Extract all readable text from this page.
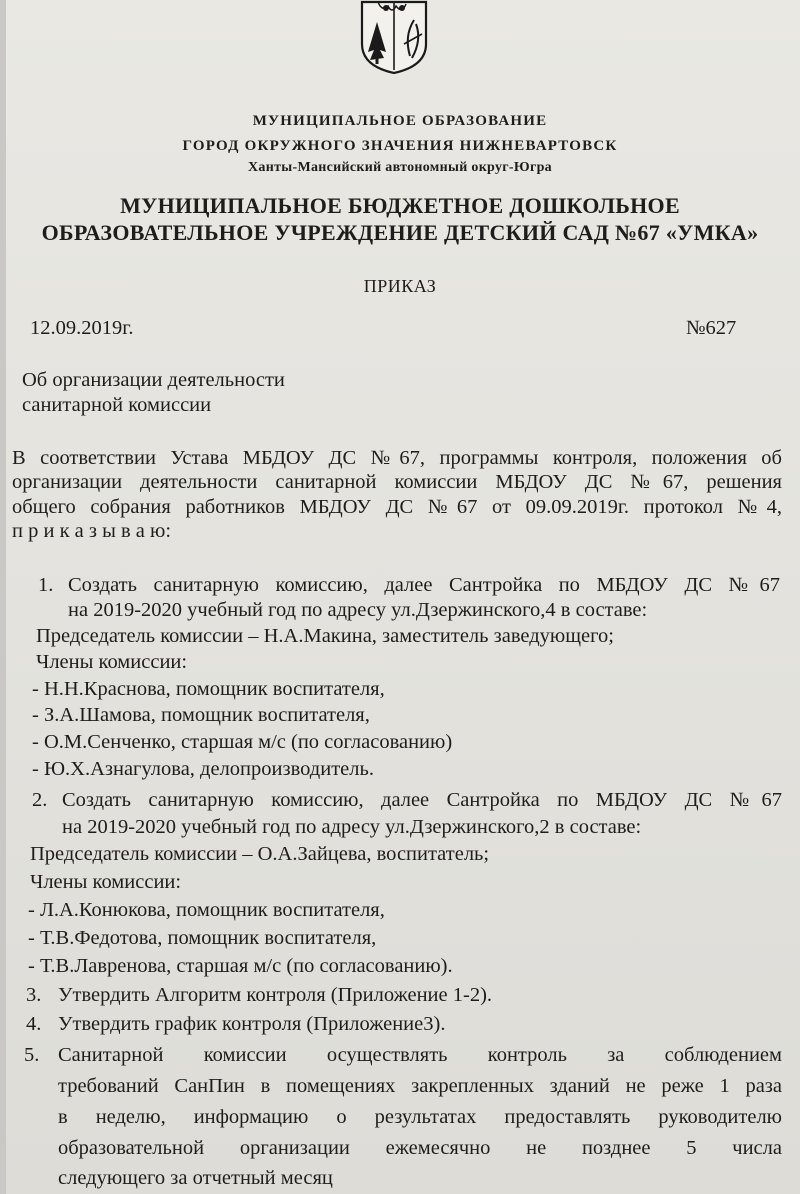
МУНИЦИПАЛЬНОЕ ОБРАЗОВАНИЕ
ГОРОД ОКРУЖНОГО ЗНАЧЕНИЯ НИЖНЕВАРТОВСК
Ханты-Мансийский автономный округ-Югра
МУНИЦИПАЛЬНОЕ БЮДЖЕТНОЕ ДОШКОЛЬНОЕ
ОБРАЗОВАТЕЛЬНОЕ УЧРЕЖДЕНИЕ ДЕТСКИЙ САД №67 «УМКА»
ПРИКАЗ
12.09.2019г.	№627
Об организации деятельности
санитарной комиссии
В соответствии Устава МБДОУ ДС №67, программы контроля, положения об
организации деятельности санитарной комиссии МБДОУ ДС №67, решения
общего собрания работников МБДОУ ДС №67 от 09.09.2019г. протокол №4,
п р и к а з ы в а ю:
1. Создать санитарную комиссию, далее Сантройка по МБДОУ ДС №67
на 2019-2020 учебный год по адресу ул.Дзержинского,4 в составе:
Председатель комиссии – Н.А.Макина, заместитель заведующего;
Члены комиссии:
- Н.Н.Краснова, помощник воспитателя,
- З.А.Шамова, помощник воспитателя,
- О.М.Сенченко, старшая м/с (по согласованию)
- Ю.Х.Азнагулова, делопроизводитель.
2. Создать санитарную комиссию, далее Сантройка по МБДОУ ДС №67
на 2019-2020 учебный год по адресу ул.Дзержинского,2 в составе:
Председатель комиссии – О.А.Зайцева, воспитатель;
Члены комиссии:
- Л.А.Конюкова, помощник воспитателя,
- Т.В.Федотова, помощник воспитателя,
- Т.В.Лавренова, старшая м/с (по согласованию).
3. Утвердить Алгоритм контроля (Приложение 1-2).
4. Утвердить график контроля (Приложение3).
5. Санитарной комиссии осуществлять контроль за соблюдением
требований СанПин в помещениях закрепленных зданий не реже 1 раза
в неделю, информацию о результатах предоставлять руководителю
образовательной организации ежемесячно не позднее 5 числа
следующего за отчетный месяц
